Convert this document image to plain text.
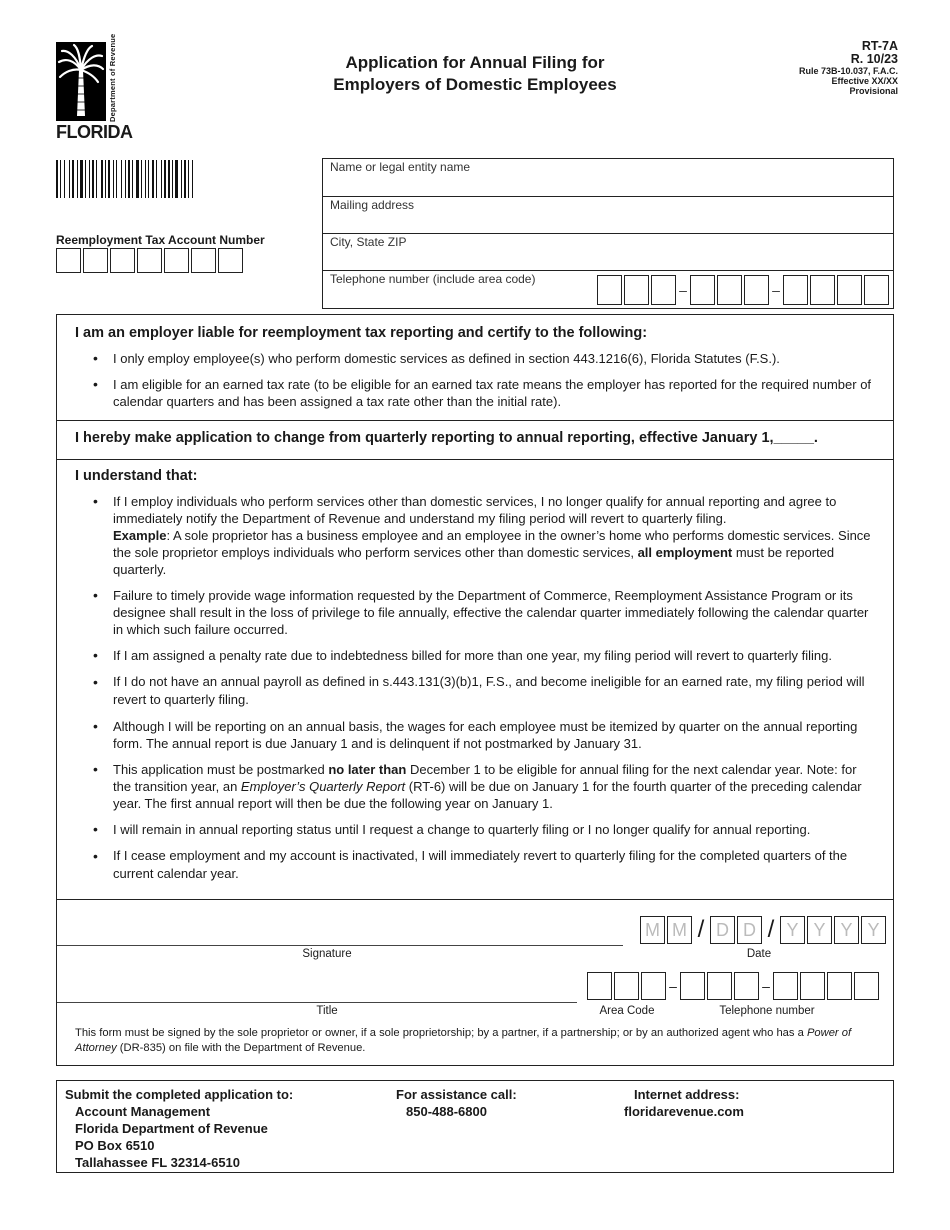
Department of Revenue
FLORIDA
Application for Annual Filing for
Employers of Domestic Employees
RT-7A
R. 10/23
Rule 73B-10.037, F.A.C.
Effective XX/XX
Provisional
Reemployment Tax Account Number
Name or legal entity name
Mailing address
City, State ZIP
Telephone number (include area code)
–	–
I am an employer liable for reemployment tax reporting and certify to the following:
• I only employ employee(s) who perform domestic services as defined in section 443.1216(6), Florida Statutes (F.S.).
• I am eligible for an earned tax rate (to be eligible for an earned tax rate means the employer has reported for the required number of calendar quarters and has been assigned a tax rate other than the initial rate).
I hereby make application to change from quarterly reporting to annual reporting, effective January 1,_____.
I understand that:
• If I employ individuals who perform services other than domestic services, I no longer qualify for annual reporting and agree to immediately notify the Department of Revenue and understand my filing period will revert to quarterly filing.
Example: A sole proprietor has a business employee and an employee in the owner’s home who performs domestic services. Since the sole proprietor employs individuals who perform services other than domestic services, all employment must be reported quarterly.
• Failure to timely provide wage information requested by the Department of Commerce, Reemployment Assistance Program or its designee shall result in the loss of privilege to file annually, effective the calendar quarter immediately following the calendar quarter in which such failure occurred.
• If I am assigned a penalty rate due to indebtedness billed for more than one year, my filing period will revert to quarterly filing.
• If I do not have an annual payroll as defined in s.443.131(3)(b)1, F.S., and become ineligible for an earned rate, my filing period will revert to quarterly filing.
• Although I will be reporting on an annual basis, the wages for each employee must be itemized by quarter on the annual reporting form. The annual report is due January 1 and is delinquent if not postmarked by January 31.
• This application must be postmarked no later than December 1 to be eligible for annual filing for the next calendar year. Note: for the transition year, an Employer’s Quarterly Report (RT-6) will be due on January 1 for the fourth quarter of the preceding calendar year. The first annual report will then be due the following year on January 1.
• I will remain in annual reporting status until I request a change to quarterly filing or I no longer qualify for annual reporting.
• If I cease employment and my account is inactivated, I will immediately revert to quarterly filing for the completed quarters of the current calendar year.
Signature
M M / D D / Y Y Y Y
Date
Title
–	–
Area Code	Telephone number
This form must be signed by the sole proprietor or owner, if a sole proprietorship; by a partner, if a partnership; or by an authorized agent who has a Power of Attorney (DR-835) on file with the Department of Revenue.
Submit the completed application to:
Account Management
Florida Department of Revenue
PO Box 6510
Tallahassee FL 32314-6510
For assistance call:
850-488-6800
Internet address:
floridarevenue.com
